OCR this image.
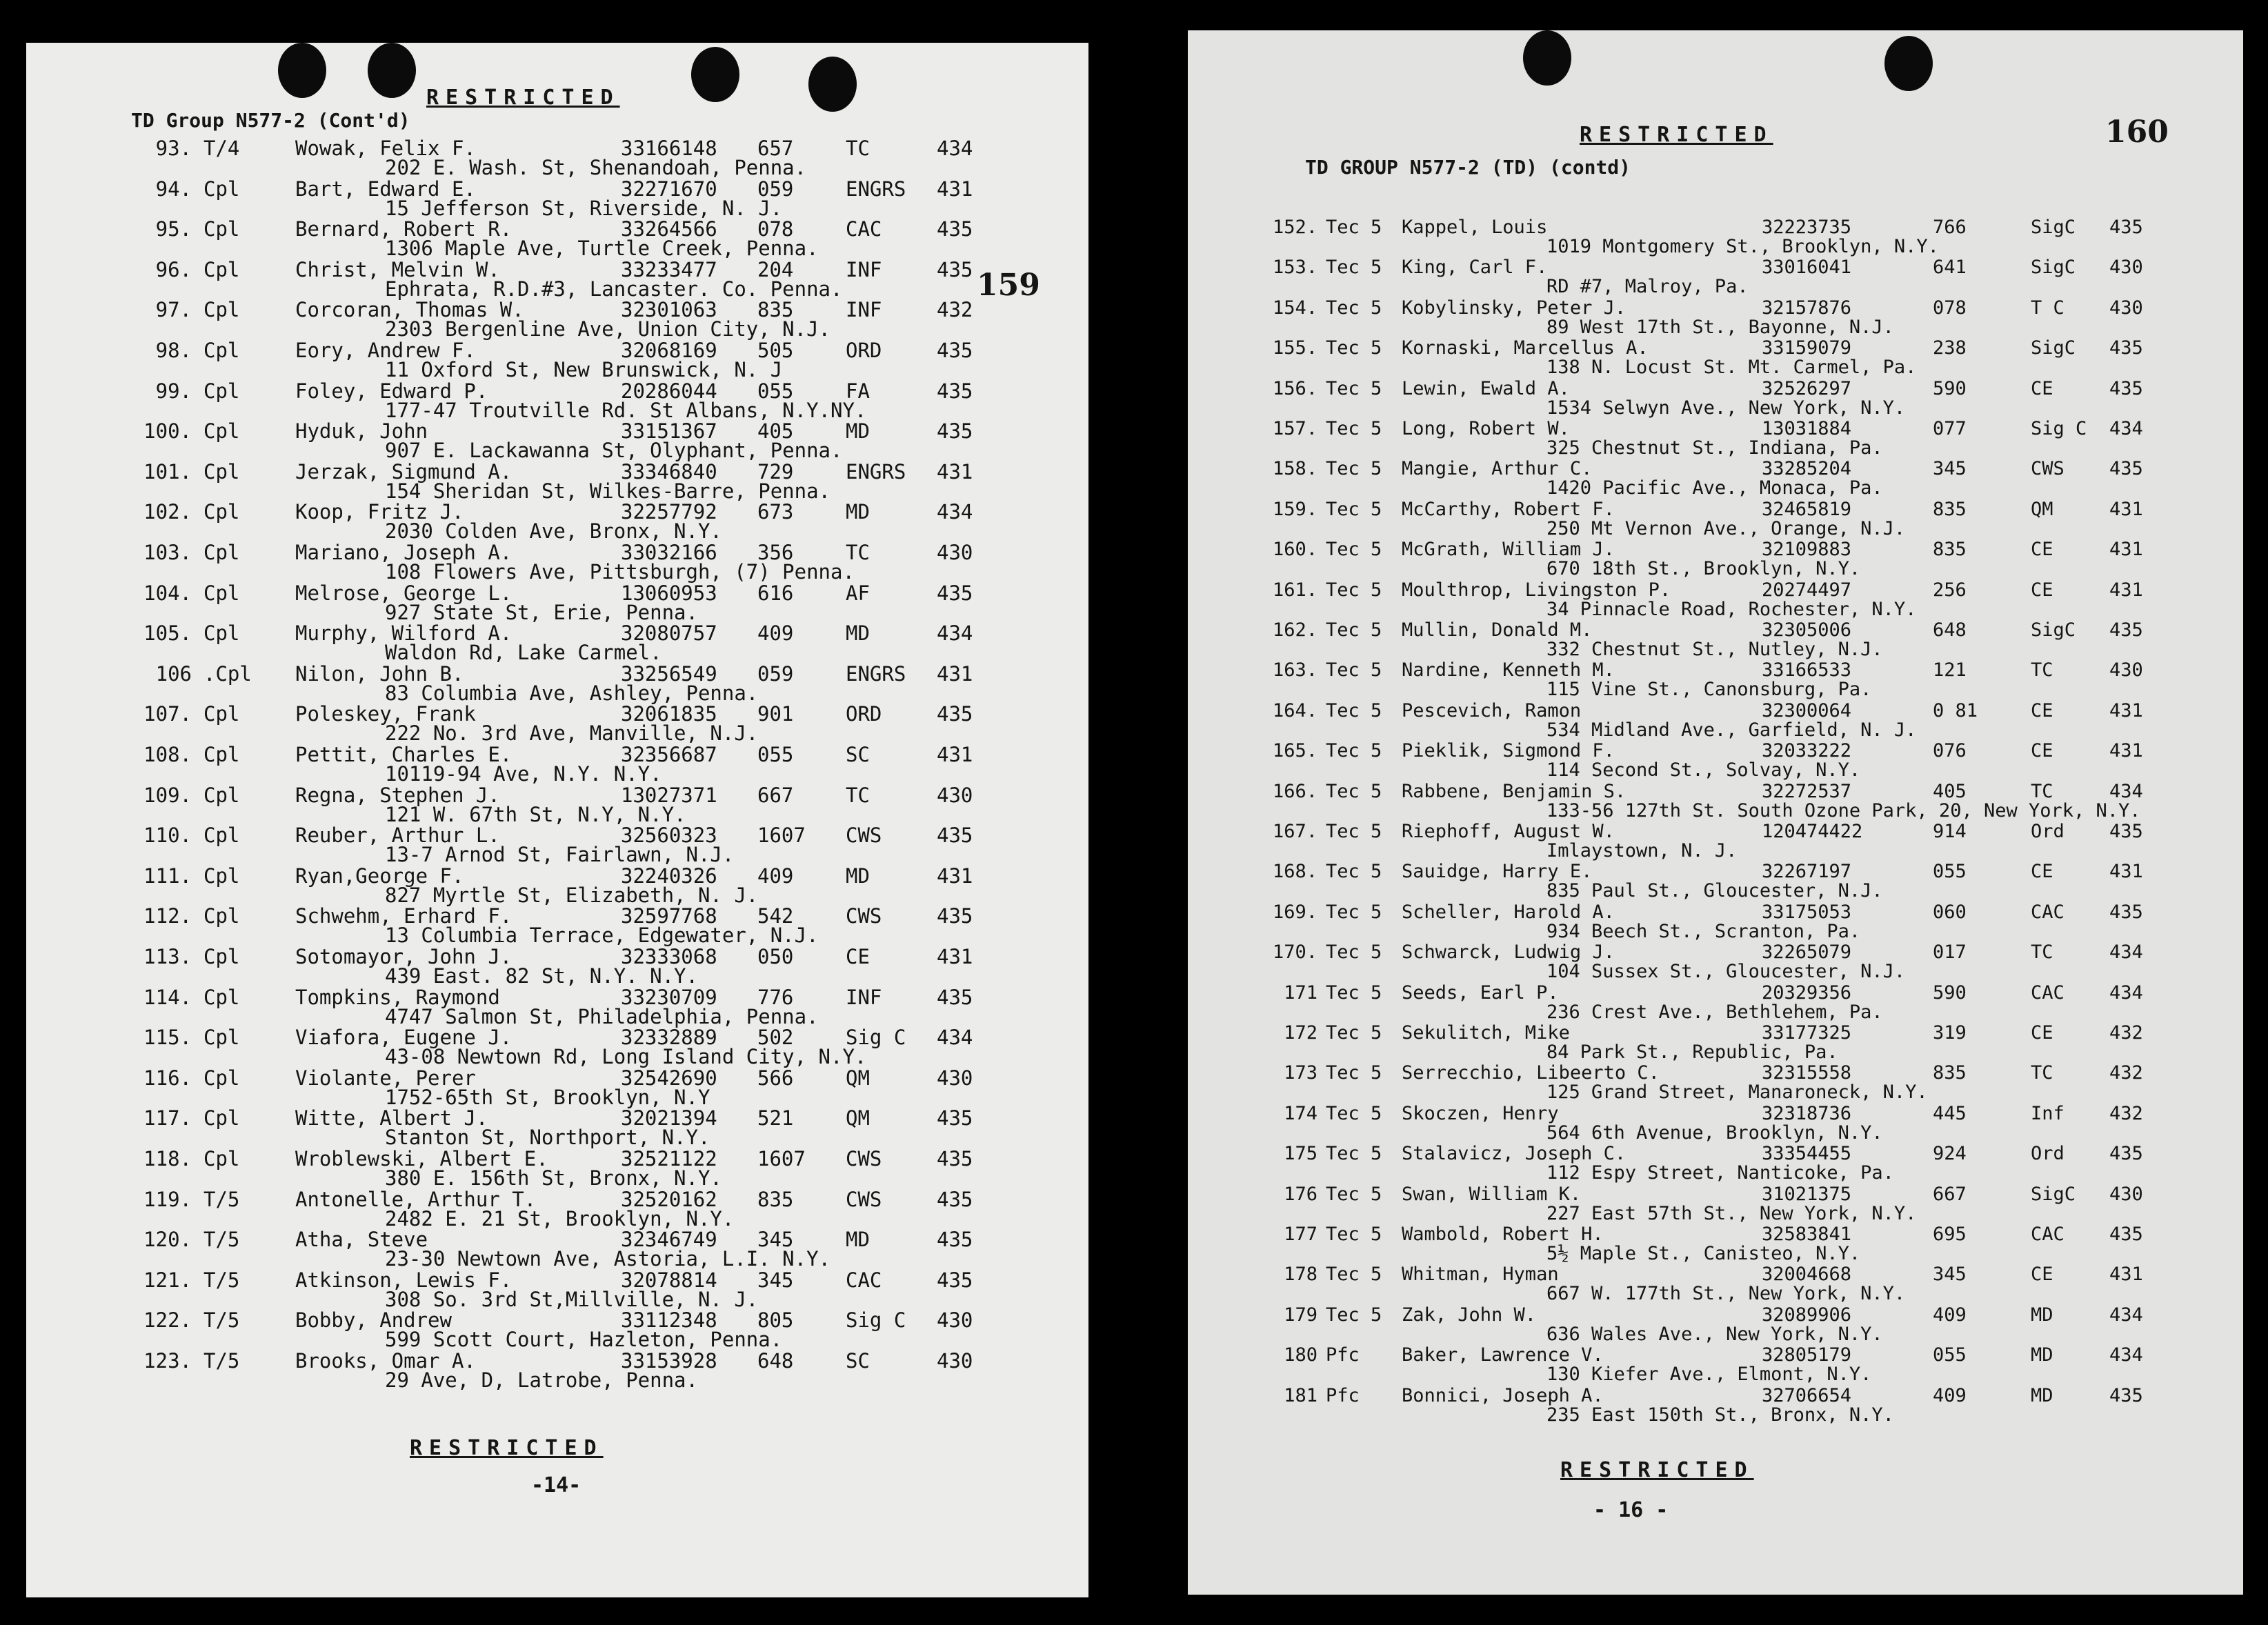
RESTRICTED
TD Group N577-2 (Cont'd)
159
93. T/4	Wowak, Felix F.	33166148 657	TC	434
202 E. Wash. St, Shenandoah, Penna.
94. Cpl	Bart, Edward E.	32271670 059	ENGRS 431
15 Jefferson St, Riverside, N. J.
95. Cpl	Bernard, Robert R.	33264566 078	CAC	435
1306 Maple Ave, Turtle Creek, Penna.
96. Cpl	Christ, Melvin W.	33233477 204	INF	435
Ephrata, R.D.#3, Lancaster. Co. Penna.
97. Cpl	Corcoran, Thomas W.	32301063 835	INF	432
2303 Bergenline Ave, Union City, N.J.
98. Cpl	Eory, Andrew F.	32068169 505	ORD	435
11 Oxford St, New Brunswick, N. J
99. Cpl	Foley, Edward P.	20286044 055	FA	435
177-47 Troutville Rd. St Albans, N.Y.NY.
100. Cpl	Hyduk, John	33151367 405	MD	435
907 E. Lackawanna St, Olyphant, Penna.
101. Cpl	Jerzak, Sigmund A.	33346840 729	ENGRS 431
154 Sheridan St, Wilkes-Barre, Penna.
102. Cpl	Koop, Fritz J.	32257792 673	MD	434
2030 Colden Ave, Bronx, N.Y.
103. Cpl	Mariano, Joseph A.	33032166 356	TC	430
108 Flowers Ave, Pittsburgh, (7) Penna.
104. Cpl	Melrose, George L.	13060953 616	AF	435
927 State St, Erie, Penna.
105. Cpl	Murphy, Wilford A.	32080757 409	MD	434
Waldon Rd, Lake Carmel.
106 .Cpl Nilon, John B.	33256549 059	ENGRS 431
83 Columbia Ave, Ashley, Penna.
107. Cpl	Poleskey, Frank	32061835 901	ORD	435
222 No. 3rd Ave, Manville, N.J.
108. Cpl	Pettit, Charles E.	32356687 055	SC	431
10119-94 Ave, N.Y. N.Y.
109. Cpl	Regna, Stephen J.	13027371 667	TC	430
121 W. 67th St, N.Y, N.Y.
110. Cpl	Reuber, Arthur L.	32560323 1607 CWS	435
13-7 Arnod St, Fairlawn, N.J.
111. Cpl	Ryan,George F.	32240326 409	MD	431
827 Myrtle St, Elizabeth, N. J.
112. Cpl	Schwehm, Erhard F.	32597768 542	CWS	435
13 Columbia Terrace, Edgewater, N.J.
113. Cpl	Sotomayor, John J.	32333068 050	CE	431
439 East. 82 St, N.Y. N.Y.
114. Cpl	Tompkins, Raymond	33230709 776	INF	435
4747 Salmon St, Philadelphia, Penna.
115. Cpl	Viafora, Eugene J.	32332889 502	Sig C 434
43-08 Newtown Rd, Long Island City, N.Y.
116. Cpl	Violante, Perer	32542690 566	QM	430
1752-65th St, Brooklyn, N.Y
117. Cpl	Witte, Albert J.	32021394 521	QM	435
Stanton St, Northport, N.Y.
118. Cpl	Wroblewski, Albert E.	32521122 1607 CWS	435
380 E. 156th St, Bronx, N.Y.
119. T/5	Antonelle, Arthur T.	32520162 835	CWS	435
2482 E. 21 St, Brooklyn, N.Y.
120. T/5	Atha, Steve	32346749 345	MD	435
23-30 Newtown Ave, Astoria, L.I. N.Y.
121. T/5	Atkinson, Lewis F.	32078814 345	CAC	435
308 So. 3rd St,Millville, N. J.
122. T/5	Bobby, Andrew	33112348 805	Sig C 430
599 Scott Court, Hazleton, Penna.
123. T/5	Brooks, Omar A.	33153928 648	SC	430
29 Ave, D, Latrobe, Penna.
RESTRICTED
-14-
RESTRICTED	160
TD GROUP N577-2 (TD) (contd)
152. Tec 5 Kappel, Louis	32223735	766	SigC 435
1019 Montgomery St., Brooklyn, N.Y.
153. Tec 5 King, Carl F.	33016041	641	SigC 430
RD #7, Malroy, Pa.
154. Tec 5 Kobylinsky, Peter J.	32157876	078	T C 430
89 West 17th St., Bayonne, N.J.
155. Tec 5 Kornaski, Marcellus A.	33159079	238	SigC 435
138 N. Locust St. Mt. Carmel, Pa.
156. Tec 5 Lewin, Ewald A.	32526297	590	CE	435
1534 Selwyn Ave., New York, N.Y.
157. Tec 5 Long, Robert W.	13031884	077	Sig C 434
325 Chestnut St., Indiana, Pa.
158. Tec 5 Mangie, Arthur C.	33285204	345	CWS 435
1420 Pacific Ave., Monaca, Pa.
159. Tec 5 McCarthy, Robert F.	32465819	835	QM	431
250 Mt Vernon Ave., Orange, N.J.
160. Tec 5 McGrath, William J.	32109883	835	CE	431
670 18th St., Brooklyn, N.Y.
161. Tec 5 Moulthrop, Livingston P.	20274497	256	CE	431
34 Pinnacle Road, Rochester, N.Y.
162. Tec 5 Mullin, Donald M.	32305006	648	SigC 435
332 Chestnut St., Nutley, N.J.
163. Tec 5 Nardine, Kenneth M.	33166533	121	TC	430
115 Vine St., Canonsburg, Pa.
164. Tec 5 Pescevich, Ramon	32300064	0 81	CE	431
534 Midland Ave., Garfield, N. J.
165. Tec 5 Pieklik, Sigmond F.	32033222	076	CE	431
114 Second St., Solvay, N.Y.
166. Tec 5 Rabbene, Benjamin S.	32272537	405	TC	434
133-56 127th St. South Ozone Park, 20, New York, N.Y.
167. Tec 5 Riephoff, August W.	120474422	914	Ord 435
Imlaystown, N. J.
168. Tec 5 Sauidge, Harry E.	32267197	055	CE	431
835 Paul St., Gloucester, N.J.
169. Tec 5 Scheller, Harold A.	33175053	060	CAC 435
934 Beech St., Scranton, Pa.
170. Tec 5 Schwarck, Ludwig J.	32265079	017	TC	434
104 Sussex St., Gloucester, N.J.
171 Tec 5 Seeds, Earl P.	20329356	590	CAC 434
236 Crest Ave., Bethlehem, Pa.
172 Tec 5 Sekulitch, Mike	33177325	319	CE	432
84 Park St., Republic, Pa.
173 Tec 5 Serrecchio, Libeerto C.	32315558	835	TC	432
125 Grand Street, Manaroneck, N.Y.
174 Tec 5 Skoczen, Henry	32318736	445	Inf 432
564 6th Avenue, Brooklyn, N.Y.
175 Tec 5 Stalavicz, Joseph C.	33354455	924	Ord 435
112 Espy Street, Nanticoke, Pa.
176 Tec 5 Swan, William K.	31021375	667	SigC 430
227 East 57th St., New York, N.Y.
177 Tec 5 Wambold, Robert H.	32583841	695	CAC 435
5½ Maple St., Canisteo, N.Y.
178 Tec 5 Whitman, Hyman	32004668	345	CE	431
667 W. 177th St., New York, N.Y.
179 Tec 5 Zak, John W.	32089906	409	MD	434
636 Wales Ave., New York, N.Y.
180 Pfc Baker, Lawrence V.	32805179	055	MD	434
130 Kiefer Ave., Elmont, N.Y.
181 Pfc Bonnici, Joseph A.	32706654	409	MD	435
235 East 150th St., Bronx, N.Y.
RESTRICTED
- 16 -
